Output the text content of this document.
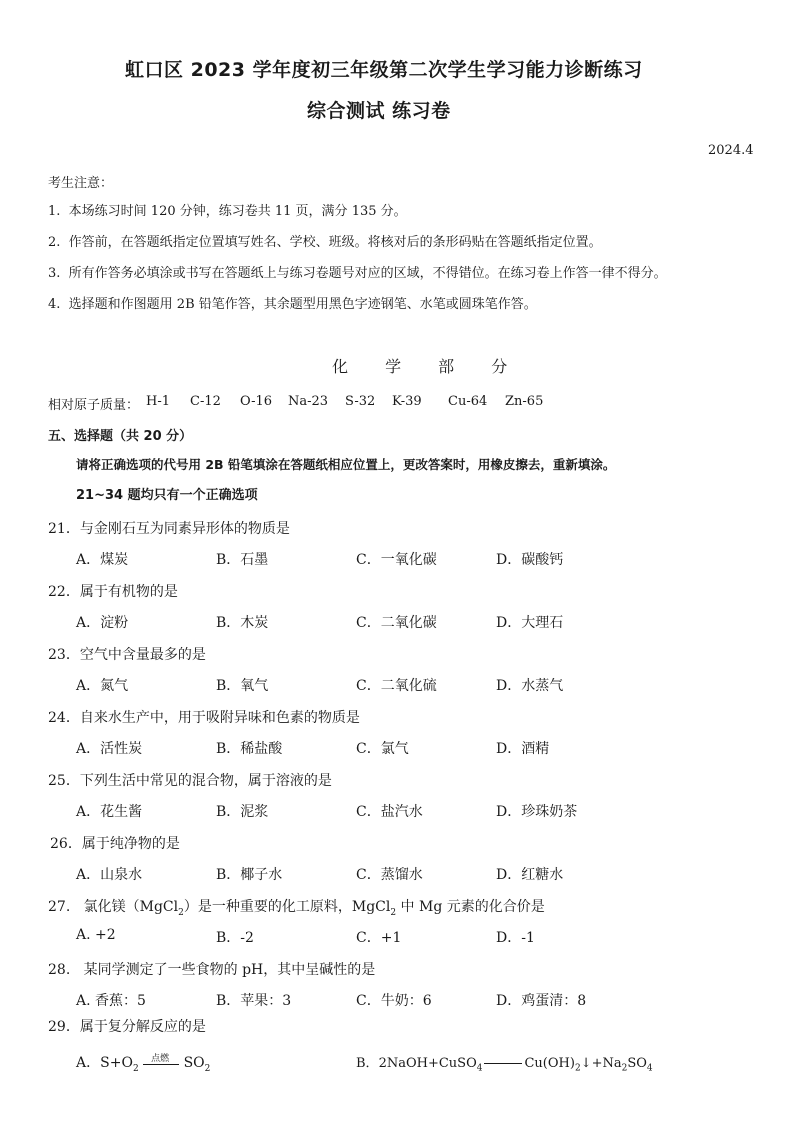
虹口区 2023 学年度初三年级第二次学生学习能力诊断练习
综合测试 练习卷
2024.4
考生注意：
1. 本场练习时间 120 分钟，练习卷共 11 页，满分 135 分。
2. 作答前，在答题纸指定位置填写姓名、学校、班级。将核对后的条形码贴在答题纸指定位置。
3. 所有作答务必填涂或书写在答题纸上与练习卷题号对应的区域，不得错位。在练习卷上作答一律不得分。
4. 选择题和作图题用 2B 铅笔作答，其余题型用黑色字迹钢笔、水笔或圆珠笔作答。
化 学 部 分
相对原子质量： H-1 C-12 O-16 Na-23 S-32 K-39 Cu-64 Zn-65
五、选择题（共 20 分）
请将正确选项的代号用 2B 铅笔填涂在答题纸相应位置上，更改答案时，用橡皮擦去，重新填涂。
21~34 题均只有一个正确选项
21．与金刚石互为同素异形体的物质是
A．煤炭	B．石墨	C．一氧化碳	D．碳酸钙
22．属于有机物的是
A．淀粉	B．木炭	C．二氧化碳	D．大理石
23．空气中含量最多的是
A．氮气	B．氧气	C．二氧化硫	D．水蒸气
24．自来水生产中，用于吸附异味和色素的物质是
A．活性炭	B．稀盐酸	C．氯气	D．酒精
25．下列生活中常见的混合物，属于溶液的是
A．花生酱	B．泥浆	C．盐汽水	D．珍珠奶茶
26．属于纯净物的是
A．山泉水	B．椰子水	C．蒸馏水	D．红糖水
27. 氯化镁（MgCl$_2$）是一种重要的化工原料，MgCl$_2$ 中 Mg 元素的化合价是
A. +2	B．-2	C．+1	D．-1
28. 某同学测定了一些食物的 pH，其中呈碱性的是
A. 香蕉：5	B．苹果：3	C．牛奶：6	D．鸡蛋清：8
29．属于复分解反应的是
A．$S+O_2$
点燃 $SO_2$	B．2NaOH+CuSO$_4$	$Cu(OH)_2↓+Na_2SO_4$
